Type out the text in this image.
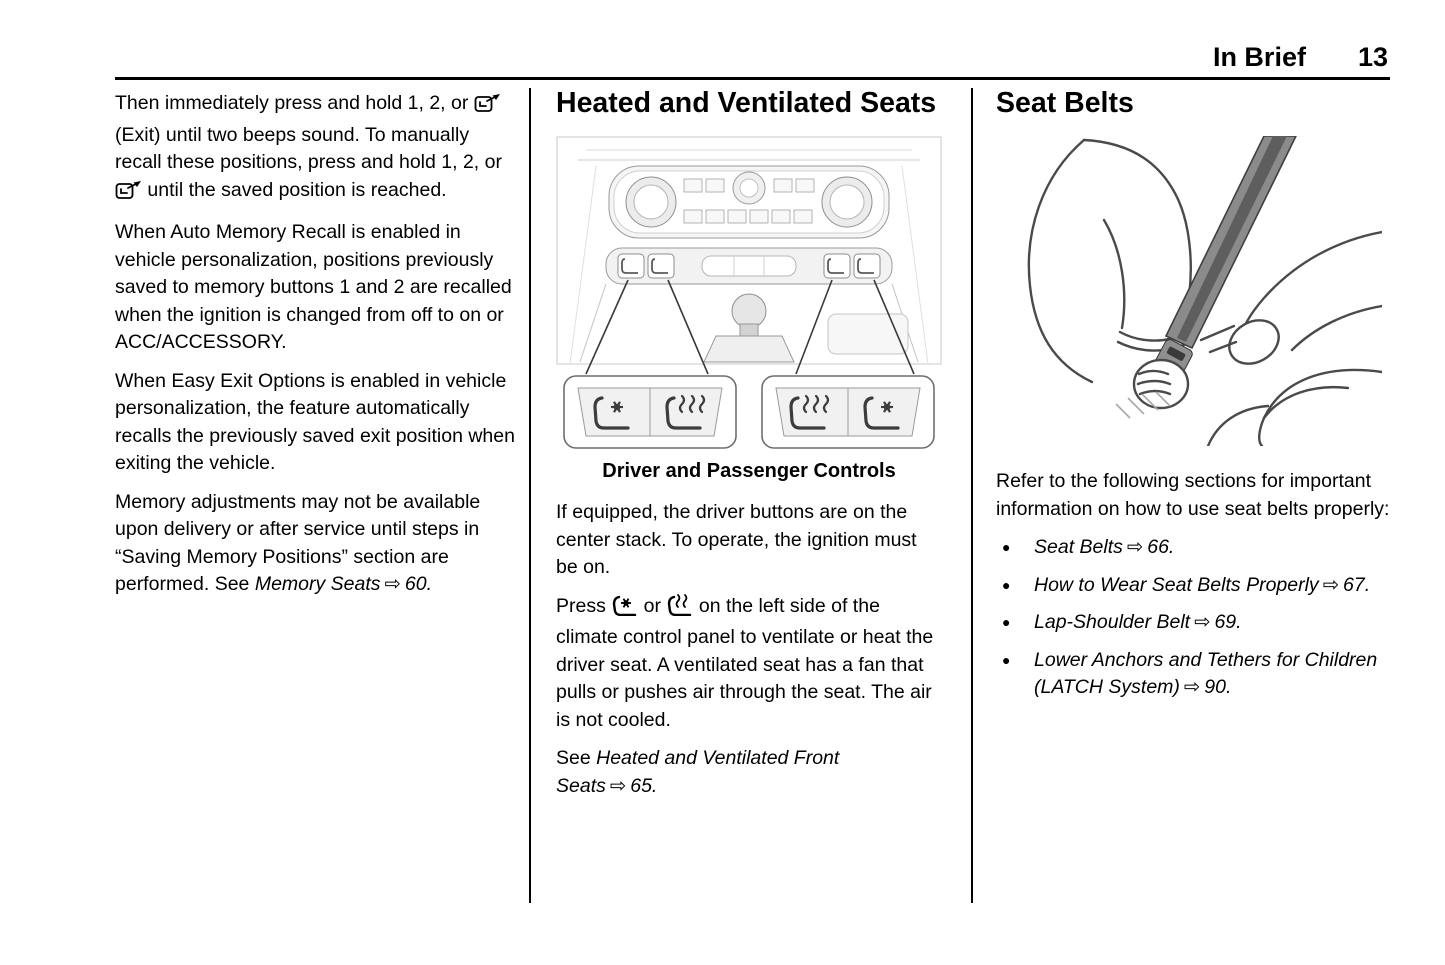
In Brief 13

Then immediately press and hold 1, 2, or  (Exit) until two beeps sound. To manually recall these positions, press and hold 1, 2, or  until the saved position is reached.

When Auto Memory Recall is enabled in vehicle personalization, positions previously saved to memory buttons 1 and 2 are recalled when the ignition is changed from off to on or ACC/ACCESSORY.

When Easy Exit Options is enabled in vehicle personalization, the feature automatically recalls the previously saved exit position when exiting the vehicle.

Memory adjustments may not be available upon delivery or after service until steps in “Saving Memory Positions” section are performed. See Memory Seats ⇨ 60.

Heated and Ventilated Seats

Driver and Passenger Controls

If equipped, the driver buttons are on the center stack. To operate, the ignition must be on.

Press  or  on the left side of the climate control panel to ventilate or heat the driver seat. A ventilated seat has a fan that pulls or pushes air through the seat. The air is not cooled.

See Heated and Ventilated Front Seats ⇨ 65.

Seat Belts

Refer to the following sections for important information on how to use seat belts properly:

● Seat Belts ⇨ 66.
● How to Wear Seat Belts Properly ⇨ 67.
● Lap-Shoulder Belt ⇨ 69.
● Lower Anchors and Tethers for Children (LATCH System) ⇨ 90.
